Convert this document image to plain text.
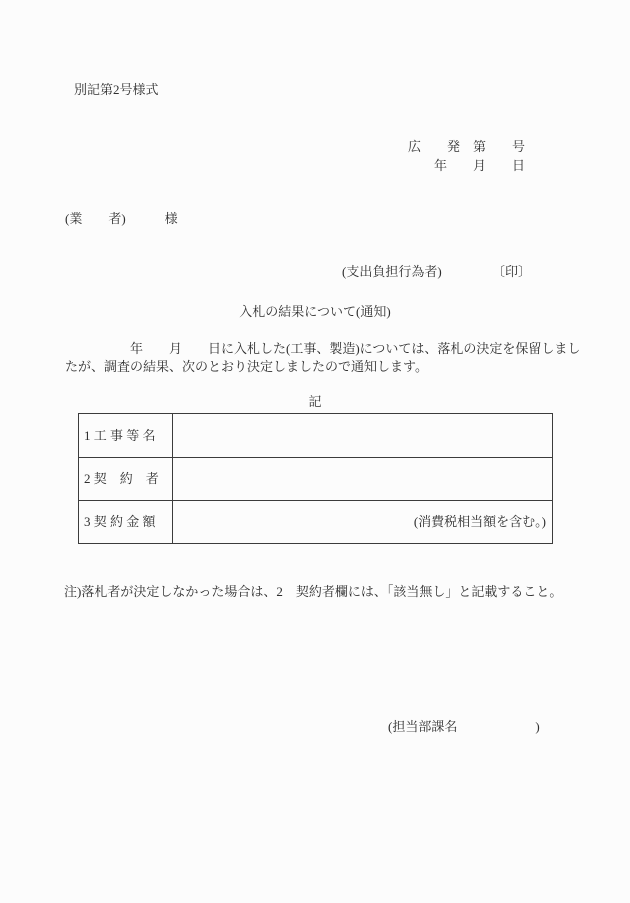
別記第2号様式
広　　発　第　　号
年　　月　　日
(業　　者)　　　様
(支出負担行為者)	〔印〕
入札の結果について(通知)
　　　　　年　　月　　日に入札した(工事、製造)については、落札の決定を保留しまし
たが、調査の結果、次のとおり決定しましたので通知します。
記
1 工 事 等 名
2 契　約　者
3 契 約 金 額	(消費税相当額を含む。)
注)落札者が決定しなかった場合は、2　契約者欄には、「該当無し」と記載すること。
(担当部課名　　　　　　)
